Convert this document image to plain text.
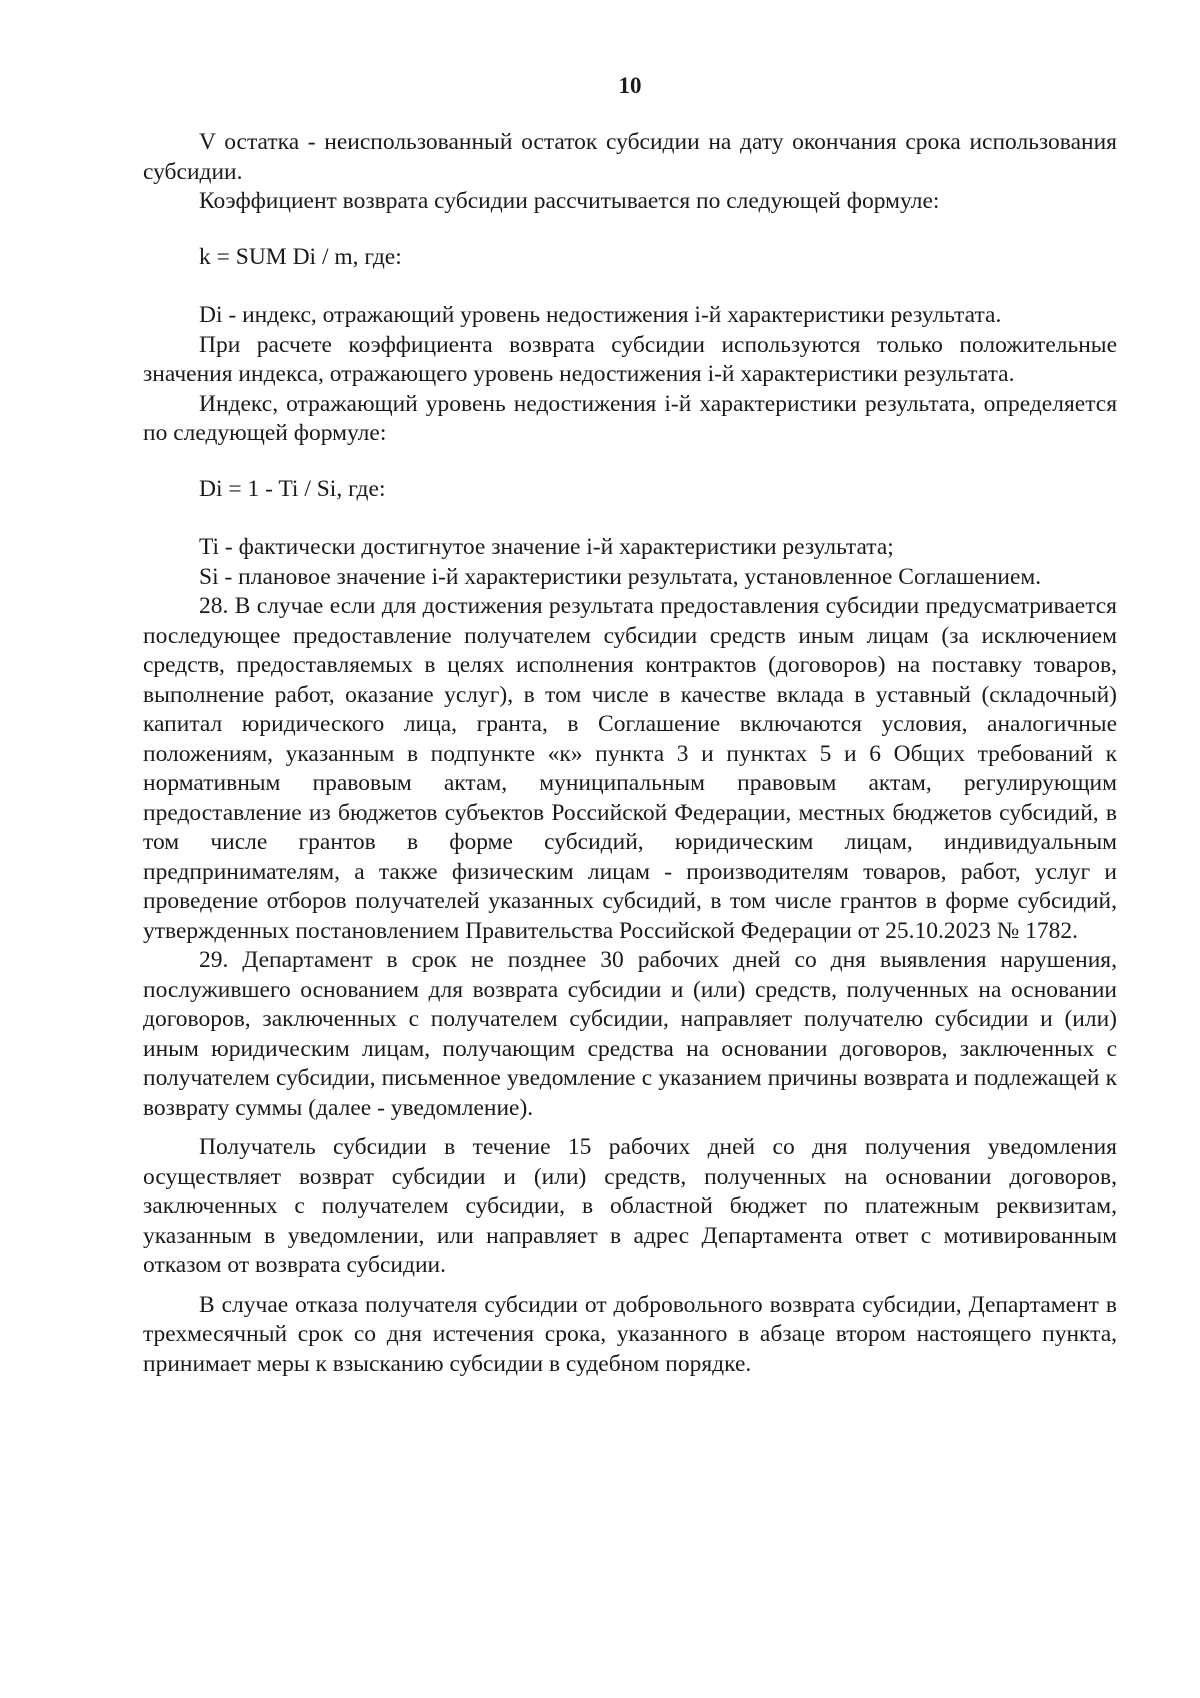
10

V остатка - неиспользованный остаток субсидии на дату окончания срока использования субсидии.

Коэффициент возврата субсидии рассчитывается по следующей формуле:

k = SUM Di / m, где:

Di - индекс, отражающий уровень недостижения i-й характеристики результата.

При расчете коэффициента возврата субсидии используются только положительные значения индекса, отражающего уровень недостижения i-й характеристики результата.

Индекс, отражающий уровень недостижения i-й характеристики результата, определяется по следующей формуле:

Di = 1 - Ti / Si, где:

Ti - фактически достигнутое значение i-й характеристики результата;

Si - плановое значение i-й характеристики результата, установленное Соглашением.

28. В случае если для достижения результата предоставления субсидии предусматривается последующее предоставление получателем субсидии средств иным лицам (за исключением средств, предоставляемых в целях исполнения контрактов (договоров) на поставку товаров, выполнение работ, оказание услуг), в том числе в качестве вклада в уставный (складочный) капитал юридического лица, гранта, в Соглашение включаются условия, аналогичные положениям, указанным в подпункте «к» пункта 3 и пунктах 5 и 6 Общих требований к нормативным правовым актам, муниципальным правовым актам, регулирующим предоставление из бюджетов субъектов Российской Федерации, местных бюджетов субсидий, в том числе грантов в форме субсидий, юридическим лицам, индивидуальным предпринимателям, а также физическим лицам - производителям товаров, работ, услуг и проведение отборов получателей указанных субсидий, в том числе грантов в форме субсидий, утвержденных постановлением Правительства Российской Федерации от 25.10.2023 № 1782.

29. Департамент в срок не позднее 30 рабочих дней со дня выявления нарушения, послужившего основанием для возврата субсидии и (или) средств, полученных на основании договоров, заключенных с получателем субсидии, направляет получателю субсидии и (или) иным юридическим лицам, получающим средства на основании договоров, заключенных с получателем субсидии, письменное уведомление с указанием причины возврата и подлежащей к возврату суммы (далее - уведомление).

Получатель субсидии в течение 15 рабочих дней со дня получения уведомления осуществляет возврат субсидии и (или) средств, полученных на основании договоров, заключенных с получателем субсидии, в областной бюджет по платежным реквизитам, указанным в уведомлении, или направляет в адрес Департамента ответ с мотивированным отказом от возврата субсидии.

В случае отказа получателя субсидии от добровольного возврата субсидии, Департамент в трехмесячный срок со дня истечения срока, указанного в абзаце втором настоящего пункта, принимает меры к взысканию субсидии в судебном порядке.
